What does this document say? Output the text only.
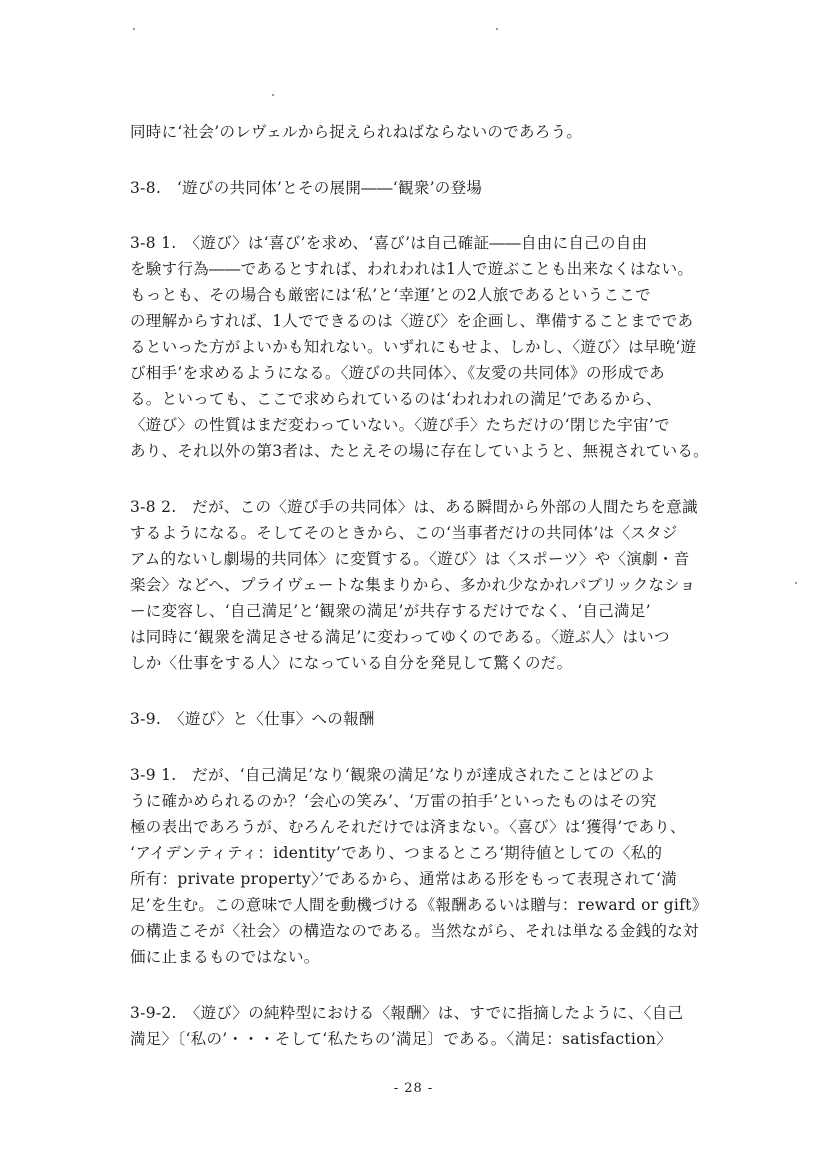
同時に‘社会’のレヴェルから捉えられねばならないのであろう。
3-8.　‘遊びの共同体’とその展開――‘観衆’の登場
3-8 1.　〈遊び〉は‘喜び’を求め、‘喜び’は自己確証――自由に自己の自由
を験す行為――であるとすれば、われわれは1人で遊ぶことも出来なくはない。
もっとも、その場合も厳密には‘私’と‘幸運’との2人旅であるというここで
の理解からすれば、1人でできるのは〈遊び〉を企画し、準備することまでであ
るといった方がよいかも知れない。いずれにもせよ、しかし、〈遊び〉は早晩‘遊
び相手’を求めるようになる。〈遊びの共同体〉、《友愛の共同体》の形成であ
る。といっても、ここで求められているのは‘われわれの満足’であるから、
〈遊び〉の性質はまだ変わっていない。〈遊び手〉たちだけの‘閉じた宇宙’で
あり、それ以外の第3者は、たとえその場に存在していようと、無視されている。
3-8 2.　だが、この〈遊び手の共同体〉は、ある瞬間から外部の人間たちを意識
するようになる。そしてそのときから、この‘当事者だけの共同体’は〈スタジ
アム的ないし劇場的共同体〉に変質する。〈遊び〉は〈スポーツ〉や〈演劇・音
楽会〉などへ、プライヴェートな集まりから、多かれ少なかれパブリックなショ
ーに変容し、‘自己満足’と‘観衆の満足’が共存するだけでなく、‘自己満足’
は同時に‘観衆を満足させる満足’に変わってゆくのである。〈遊ぶ人〉はいつ
しか〈仕事をする人〉になっている自分を発見して驚くのだ。
3-9.　〈遊び〉と〈仕事〉への報酬
3-9 1.　だが、‘自己満足’なり‘観衆の満足’なりが達成されたことはどのよ
うに確かめられるのか？‘会心の笑み’、‘万雷の拍手’といったものはその究
極の表出であろうが、むろんそれだけでは済まない。〈喜び〉は‘獲得’であり、
‘アイデンティティ：identity’であり、つまるところ‘期待値としての〈私的
所有：private property〉’であるから、通常はある形をもって表現されて‘満
足’を生む。この意味で人間を動機づける《報酬あるいは贈与：reward or gift》
の構造こそが〈社会〉の構造なのである。当然ながら、それは単なる金銭的な対
価に止まるものではない。
3-9-2.　〈遊び〉の純粋型における〈報酬〉は、すでに指摘したように、〈自己
満足〉〔‘私の’・・・そして‘私たちの’満足〕である。〈満足：satisfaction〉
- 28 -
